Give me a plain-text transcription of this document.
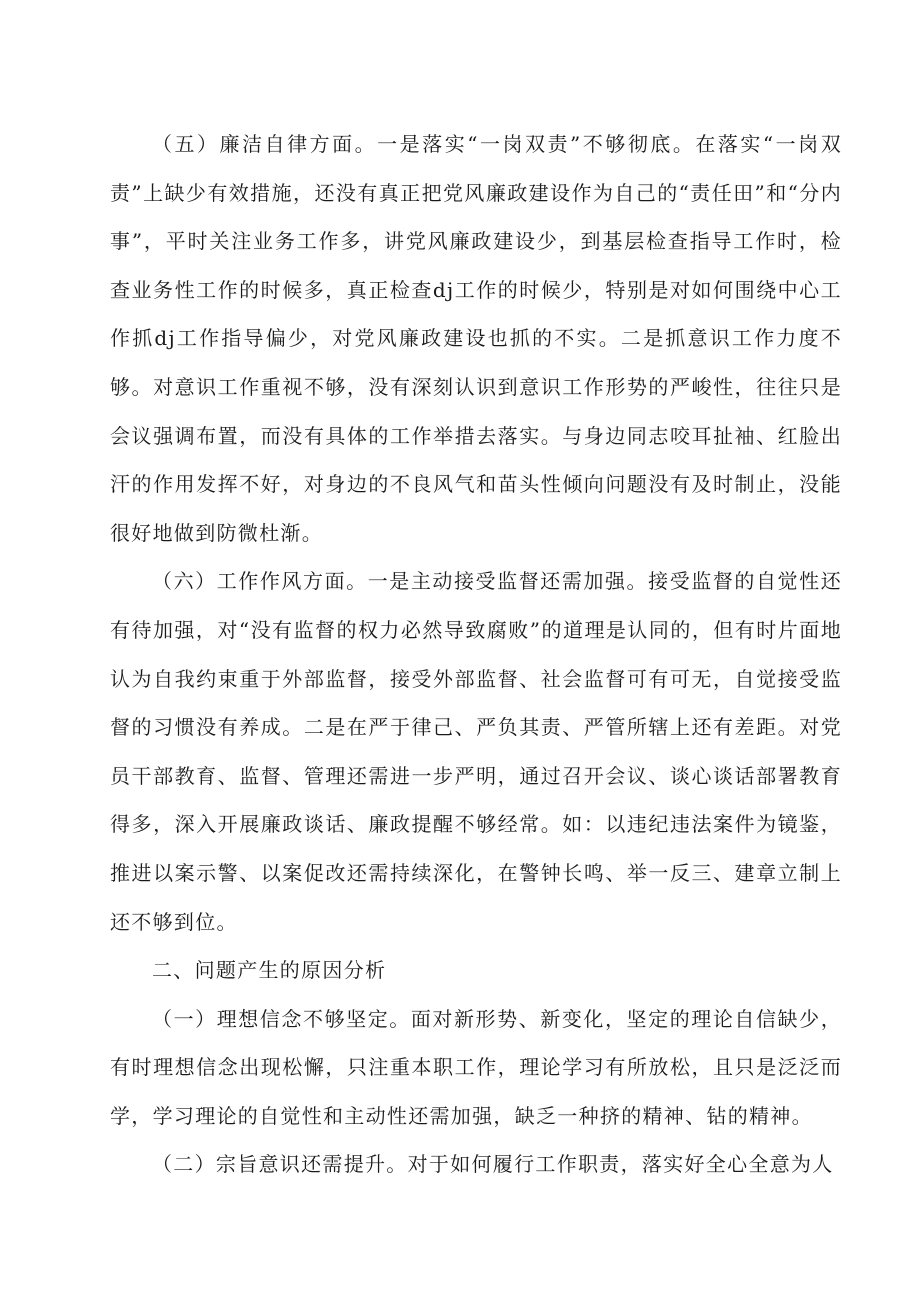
（五）廉洁自律方面。一是落实“一岗双责”不够彻底。在落实“一岗双责”上缺少有效措施，还没有真正把党风廉政建设作为自己的“责任田”和“分内事”，平时关注业务工作多，讲党风廉政建设少，到基层检查指导工作时，检查业务性工作的时候多，真正检查dj工作的时候少，特别是对如何围绕中心工作抓dj工作指导偏少，对党风廉政建设也抓的不实。二是抓意识工作力度不够。对意识工作重视不够，没有深刻认识到意识工作形势的严峻性，往往只是会议强调布置，而没有具体的工作举措去落实。与身边同志咬耳扯袖、红脸出汗的作用发挥不好，对身边的不良风气和苗头性倾向问题没有及时制止，没能很好地做到防微杜渐。

（六）工作作风方面。一是主动接受监督还需加强。接受监督的自觉性还有待加强，对“没有监督的权力必然导致腐败”的道理是认同的，但有时片面地认为自我约束重于外部监督，接受外部监督、社会监督可有可无，自觉接受监督的习惯没有养成。二是在严于律己、严负其责、严管所辖上还有差距。对党员干部教育、监督、管理还需进一步严明，通过召开会议、谈心谈话部署教育得多，深入开展廉政谈话、廉政提醒不够经常。如：以违纪违法案件为镜鉴，推进以案示警、以案促改还需持续深化，在警钟长鸣、举一反三、建章立制上还不够到位。

二、问题产生的原因分析

（一）理想信念不够坚定。面对新形势、新变化，坚定的理论自信缺少，有时理想信念出现松懈，只注重本职工作，理论学习有所放松，且只是泛泛而学，学习理论的自觉性和主动性还需加强，缺乏一种挤的精神、钻的精神。

（二）宗旨意识还需提升。对于如何履行工作职责，落实好全心全意为人
